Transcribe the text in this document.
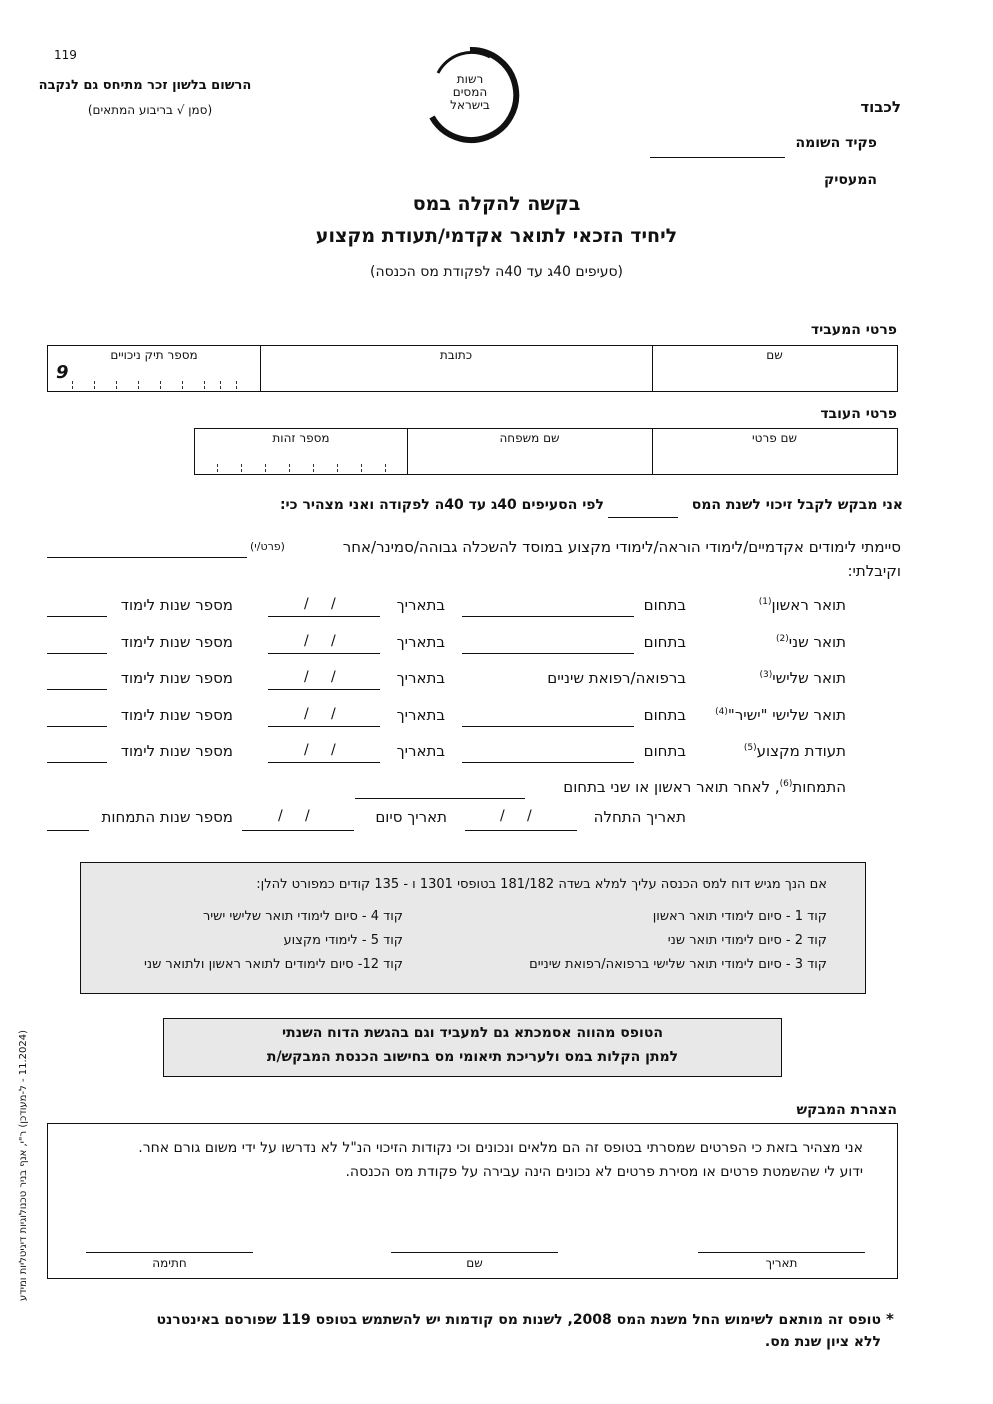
119
הרשום בלשון זכר מתיחס גם לנקבה
(סמן √ בריבוע המתאים)
רשות המסים בישראל	לכבוד
פקיד השומה
המעסיק
בקשה להקלה במס
ליחיד הזכאי לתואר אקדמי/תעודת מקצוע
(סעיפים 40ג עד 40ה לפקודת מס הכנסה)
פרטי המעביד
מספר תיק ניכויים	כתובת	שם
9
פרטי העובד
מספר זהות	שם משפחה	שם פרטי
אני מבקש לקבל זיכוי לשנת המס
לפי הסעיפים 40ג עד 40ה לפקודה ואני מצהיר כי:
סיימתי לימודים אקדמיים/לימודי הוראה/לימודי מקצוע במוסד להשכלה גבוהה/סמינר/אחר
(פרט/י)
וקיבלתי:
תואר ראשון$^{(1)}$
בתחום
בתאריך
/     /
מספר שנות לימוד
תואר שני$^{(2)}$
בתחום
בתאריך
/     /
מספר שנות לימוד
תואר שלישי$^{(3)}$
ברפואה/רפואת שיניים
בתאריך
/     /
מספר שנות לימוד
תואר שלישי "ישיר"$^{(4)}$
בתחום
בתאריך
/     /
מספר שנות לימוד
תעודת מקצוע$^{(5)}$
בתחום
בתאריך
/     /
מספר שנות לימוד
התמחות$^{(6)}$, לאחר תואר ראשון או שני בתחום
תאריך התחלה
/     /
תאריך סיום
/     /
מספר שנות התמחות
אם הנך מגיש דוח למס הכנסה עליך למלא בשדה 181/182 בטופסי 1301 ו - 135 קודים כמפורט להלן:
קוד 1 - סיום לימודי תואר ראשון
קוד 2 - סיום לימודי תואר שני
קוד 3 - סיום לימודי תואר שלישי ברפואה/רפואת שיניים
קוד 4 - סיום לימודי תואר שלישי ישיר
קוד 5 - לימודי מקצוע
קוד 12- סיום לימודים לתואר ראשון ולתואר שני
הטופס מהווה אסמכתא גם למעביד וגם בהגשת הדוח השנתי
למתן הקלות במס ולעריכת תיאומי מס בחישוב הכנסת המבקש/ת
הצהרת המבקש
אני מצהיר בזאת כי הפרטים שמסרתי בטופס זה הם מלאים ונכונים וכי נקודות הזיכוי הנ"ל לא נדרשו על ידי משום גורם אחר.
ידוע לי שהשמטת פרטים או מסירת פרטים לא נכונים הינה עבירה על פקודת מס הכנסה.
תאריך
שם
חתימה
*
טופס זה מותאם לשימוש החל משנת המס 2008, לשנות מס קודמות יש להשתמש בטופס 119 שפורסם באינטרנט
ללא ציון שנת מס.
(11.2024 - ל-מעודכן) ר"י, אנף בניר טכנולוגיות דיגיטליות ומידע
